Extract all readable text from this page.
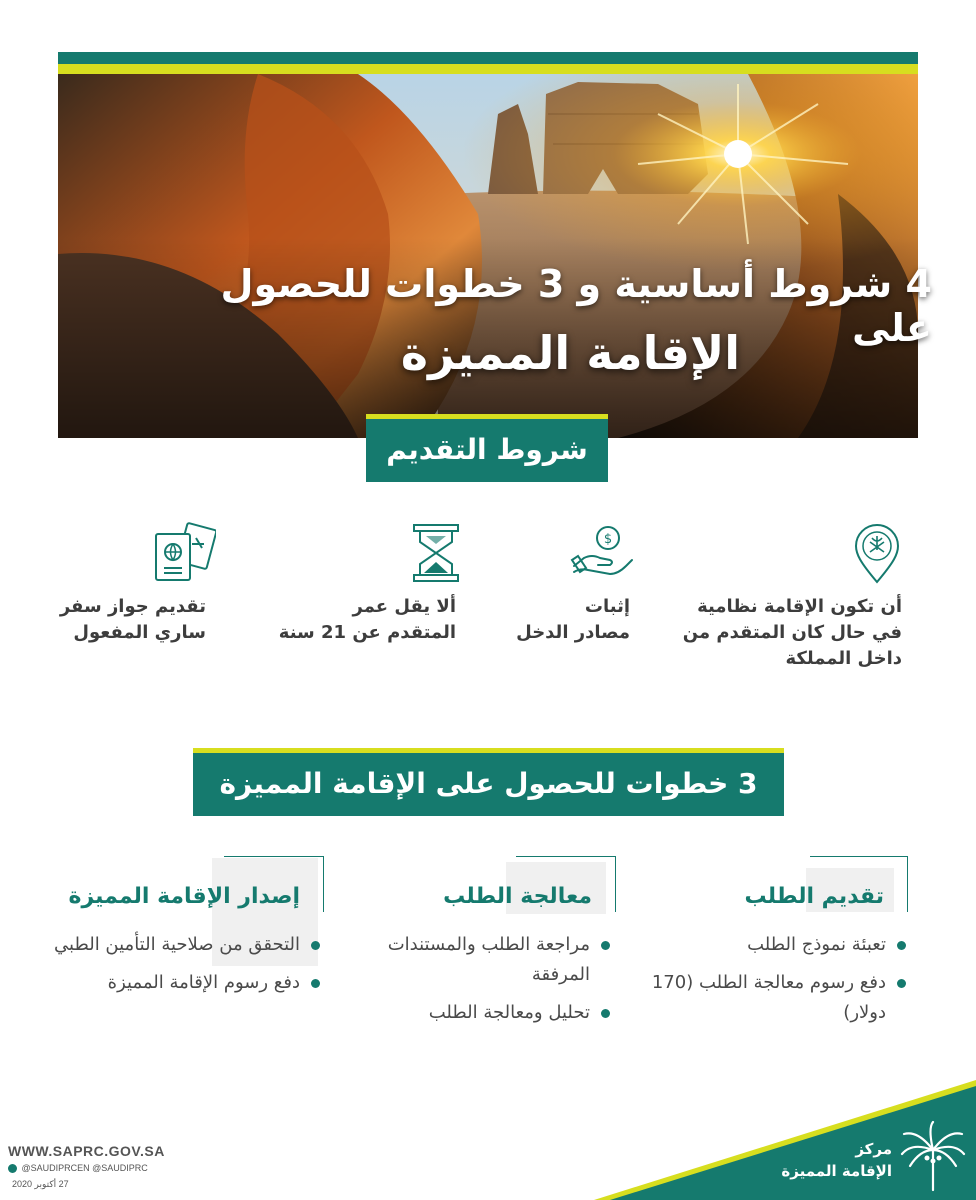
4 شروط أساسية و 3 خطوات للحصول على
الإقامة المميزة
شروط التقديم
أن تكون الإقامة نظامية
في حال كان المتقدم من
داخل المملكة
$
إثبات
مصادر الدخل
ألا يقل عمر
المتقدم عن 21 سنة
تقديم جواز سفر
ساري المفعول
3 خطوات للحصول على الإقامة المميزة
تقديم الطلب
تعبئة نموذج الطلب
دفع رسوم معالجة الطلب (170 دولار)
معالجة الطلب
مراجعة الطلب والمستندات المرفقة
تحليل ومعالجة الطلب
إصدار الإقامة المميزة
التحقق من صلاحية التأمين الطبي
دفع رسوم الإقامة المميزة
WWW.SAPRC.GOV.SA
@SAUDIPRCEN @SAUDIPRC
27 أكتوبر 2020
مركز
الإقامة المميزة
